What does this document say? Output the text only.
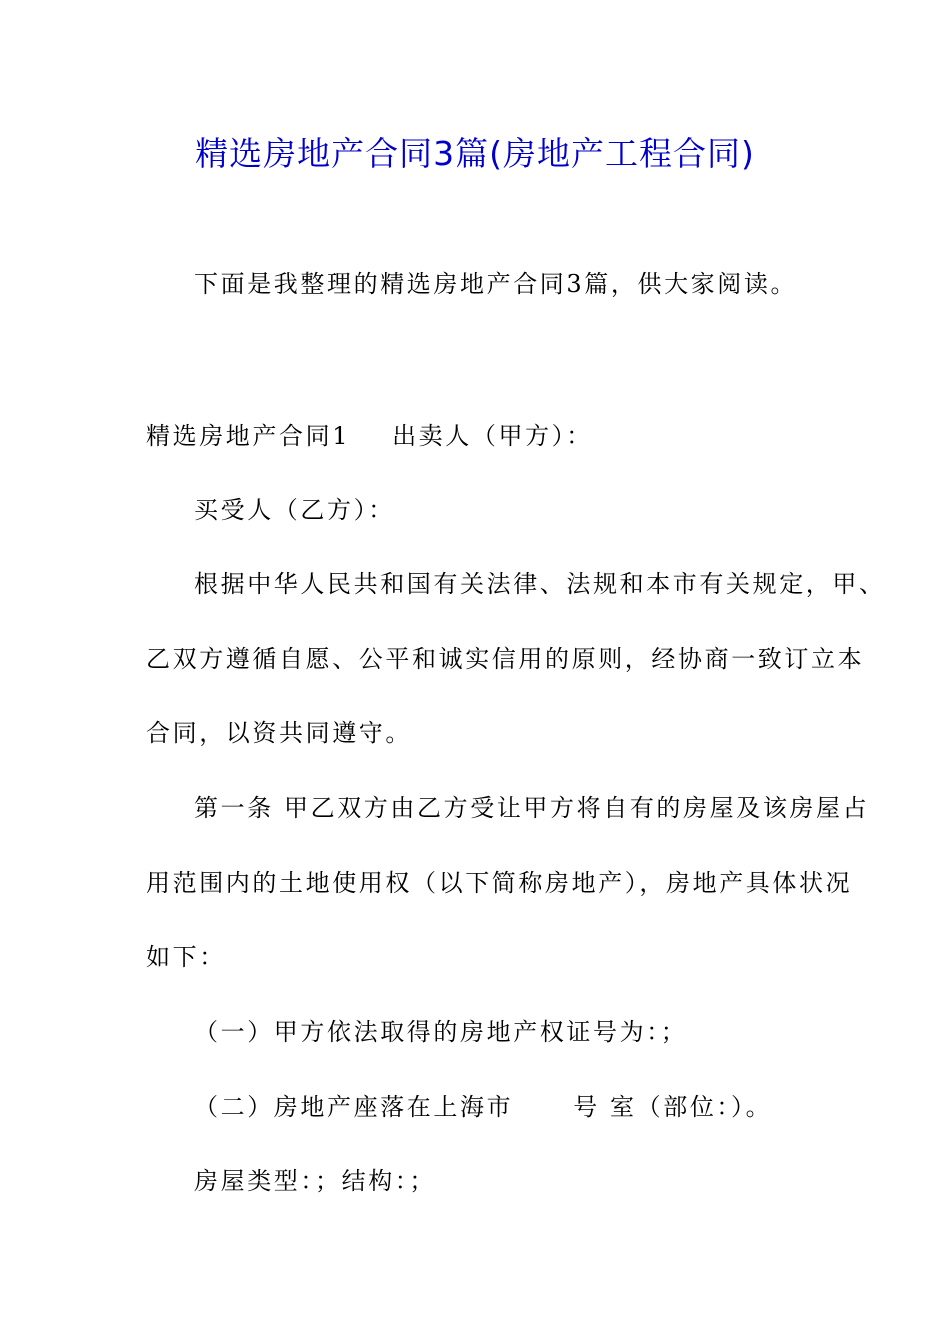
精选房地产合同3篇(房地产工程合同)
下面是我整理的精选房地产合同3篇，供大家阅读。
精选房地产合同1 出卖人（甲方）：
买受人（乙方）：
根据中华人民共和国有关法律、法规和本市有关规定，甲、
乙双方遵循自愿、公平和诚实信用的原则，经协商一致订立本
合同，以资共同遵守。
第一条 甲乙双方由乙方受让甲方将自有的房屋及该房屋占
用范围内的土地使用权（以下简称房地产），房地产具体状况
如下：
（一）甲方依法取得的房地产权证号为：；
（二）房地产座落在上海市	号 室（部位：）。
房屋类型：；结构：；
